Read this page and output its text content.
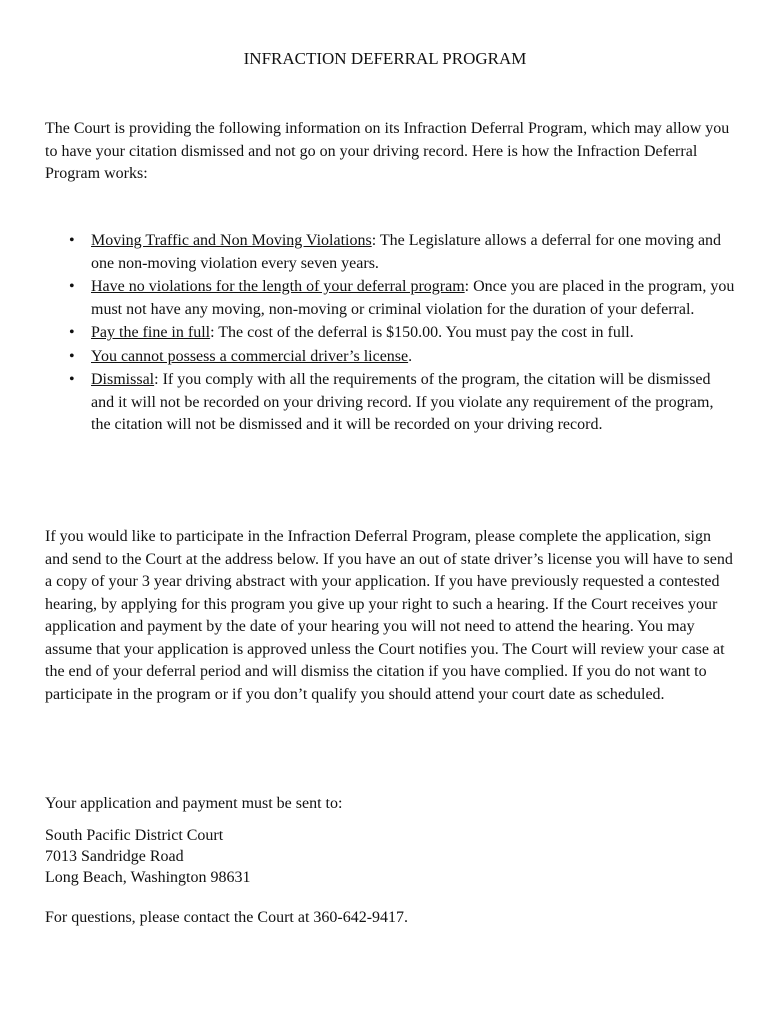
INFRACTION DEFERRAL PROGRAM

The Court is providing the following information on its Infraction Deferral Program, which may allow you to have your citation dismissed and not go on your driving record. Here is how the Infraction Deferral Program works:

• Moving Traffic and Non Moving Violations: The Legislature allows a deferral for one moving and one non-moving violation every seven years.
• Have no violations for the length of your deferral program: Once you are placed in the program, you must not have any moving, non-moving or criminal violation for the duration of your deferral.
• Pay the fine in full: The cost of the deferral is $150.00. You must pay the cost in full.
• You cannot possess a commercial driver’s license.
• Dismissal: If you comply with all the requirements of the program, the citation will be dismissed and it will not be recorded on your driving record. If you violate any requirement of the program, the citation will not be dismissed and it will be recorded on your driving record.

If you would like to participate in the Infraction Deferral Program, please complete the application, sign and send to the Court at the address below. If you have an out of state driver’s license you will have to send a copy of your 3 year driving abstract with your application. If you have previously requested a contested hearing, by applying for this program you give up your right to such a hearing. If the Court receives your application and payment by the date of your hearing you will not need to attend the hearing. You may assume that your application is approved unless the Court notifies you. The Court will review your case at the end of your deferral period and will dismiss the citation if you have complied. If you do not want to participate in the program or if you don’t qualify you should attend your court date as scheduled.

Your application and payment must be sent to:

South Pacific District Court
7013 Sandridge Road
Long Beach, Washington 98631

For questions, please contact the Court at 360-642-9417.
